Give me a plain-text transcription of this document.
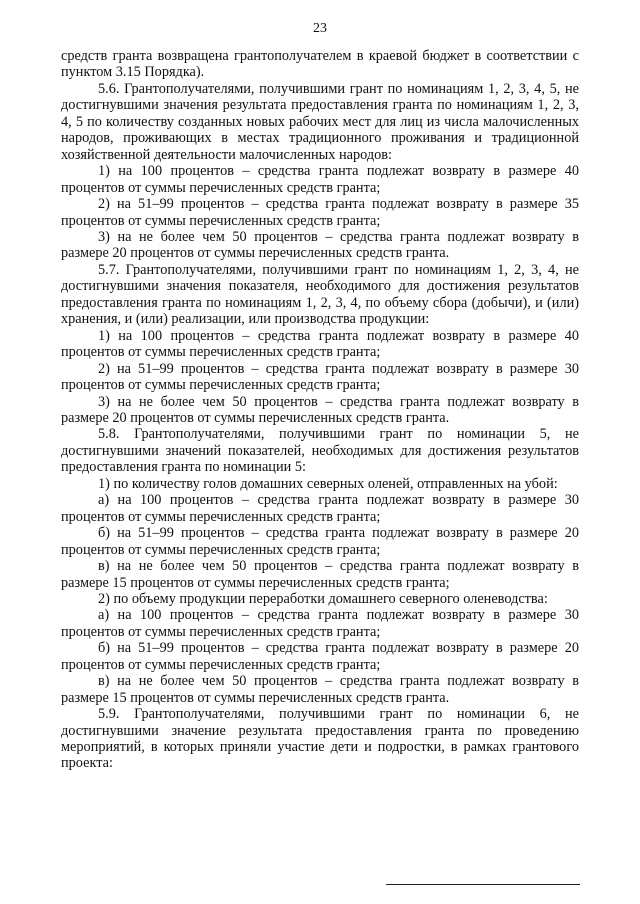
23

средств гранта возвращена грантополучателем в краевой бюджет в соответствии с пунктом 3.15 Порядка).

5.6. Грантополучателями, получившими грант по номинациям 1, 2, 3, 4, 5, не достигнувшими значения результата предоставления гранта по номинациям 1, 2, 3, 4, 5 по количеству созданных новых рабочих мест для лиц из числа малочисленных народов, проживающих в местах традиционного проживания и традиционной хозяйственной деятельности малочисленных народов:

1) на 100 процентов – средства гранта подлежат возврату в размере 40 процентов от суммы перечисленных средств гранта;

2) на 51–99 процентов – средства гранта подлежат возврату в размере 35 процентов от суммы перечисленных средств гранта;

3) на не более чем 50 процентов – средства гранта подлежат возврату в размере 20 процентов от суммы перечисленных средств гранта.

5.7. Грантополучателями, получившими грант по номинациям 1, 2, 3, 4, не достигнувшими значения показателя, необходимого для достижения результатов предоставления гранта по номинациям 1, 2, 3, 4, по объему сбора (добычи), и (или) хранения, и (или) реализации, или производства продукции:

1) на 100 процентов – средства гранта подлежат возврату в размере 40 процентов от суммы перечисленных средств гранта;

2) на 51–99 процентов – средства гранта подлежат возврату в размере 30 процентов от суммы перечисленных средств гранта;

3) на не более чем 50 процентов – средства гранта подлежат возврату в размере 20 процентов от суммы перечисленных средств гранта.

5.8. Грантополучателями, получившими грант по номинации 5, не достигнувшими значений показателей, необходимых для достижения результатов предоставления гранта по номинации 5:

1) по количеству голов домашних северных оленей, отправленных на убой:

а) на 100 процентов – средства гранта подлежат возврату в размере 30 процентов от суммы перечисленных средств гранта;

б) на 51–99 процентов – средства гранта подлежат возврату в размере 20 процентов от суммы перечисленных средств гранта;

в) на не более чем 50 процентов – средства гранта подлежат возврату в размере 15 процентов от суммы перечисленных средств гранта;

2) по объему продукции переработки домашнего северного оленеводства:

а) на 100 процентов – средства гранта подлежат возврату в размере 30 процентов от суммы перечисленных средств гранта;

б) на 51–99 процентов – средства гранта подлежат возврату в размере 20 процентов от суммы перечисленных средств гранта;

в) на не более чем 50 процентов – средства гранта подлежат возврату в размере 15 процентов от суммы перечисленных средств гранта.

5.9. Грантополучателями, получившими грант по номинации 6, не достигнувшими значение результата предоставления гранта по проведению мероприятий, в которых приняли участие дети и подростки, в рамках грантового проекта:
